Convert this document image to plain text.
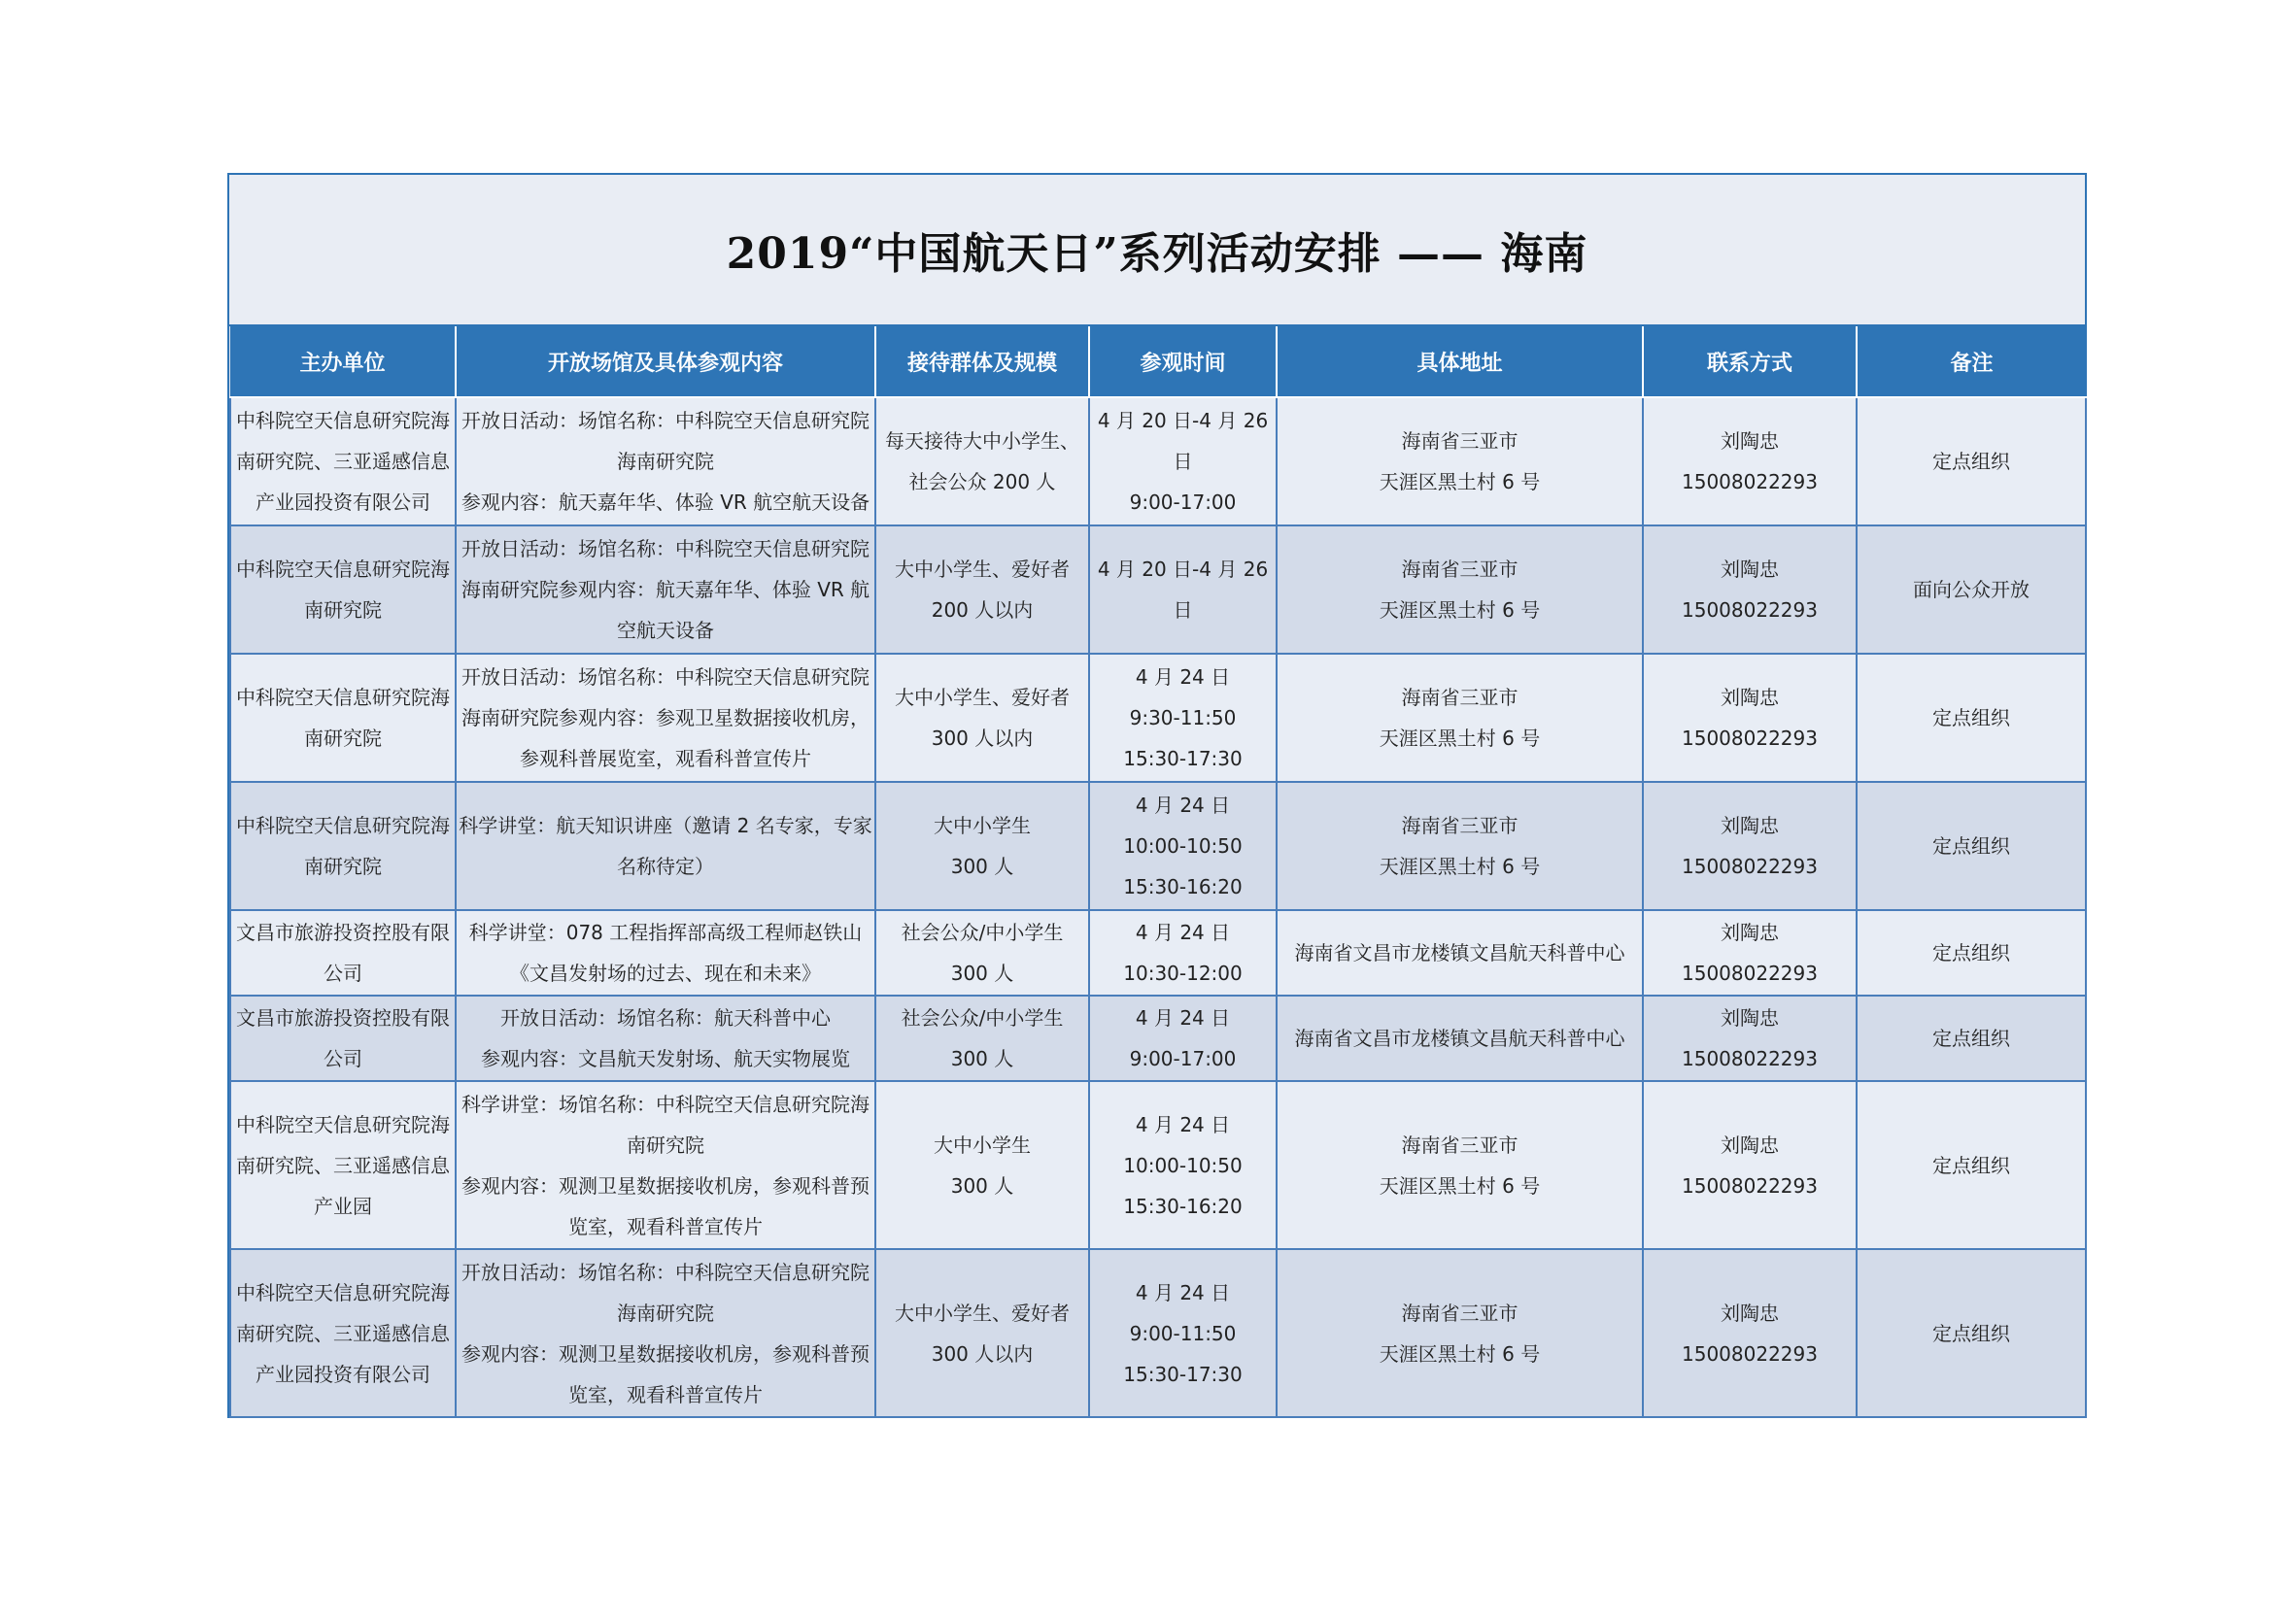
2019“中国航天日”系列活动安排 —— 海南
主办单位	开放场馆及具体参观内容	接待群体及规模	参观时间	具体地址	联系方式	备注

中科院空天信息研究院海南研究院、三亚遥感信息产业园投资有限公司	开放日活动：场馆名称：中科院空天信息研究院海南研究院
参观内容：航天嘉年华、体验 VR 航空航天设备	每天接待大中小学生、社会公众 200 人	4 月 20 日-4 月 26 日
9:00-17:00	海南省三亚市
天涯区黑土村 6 号	刘陶忠
15008022293	定点组织

中科院空天信息研究院海南研究院	开放日活动：场馆名称：中科院空天信息研究院海南研究院参观内容：航天嘉年华、体验 VR 航空航天设备	大中小学生、爱好者
200 人以内	4 月 20 日-4 月 26 日	海南省三亚市
天涯区黑土村 6 号	刘陶忠
15008022293	面向公众开放

中科院空天信息研究院海南研究院	开放日活动：场馆名称：中科院空天信息研究院海南研究院参观内容：参观卫星数据接收机房，参观科普展览室，观看科普宣传片	大中小学生、爱好者
300 人以内	4 月 24 日
9:30-11:50
15:30-17:30	海南省三亚市
天涯区黑土村 6 号	刘陶忠
15008022293	定点组织

中科院空天信息研究院海南研究院	科学讲堂：航天知识讲座（邀请 2 名专家，专家名称待定）	大中小学生
300 人	4 月 24 日
10:00-10:50
15:30-16:20	海南省三亚市
天涯区黑土村 6 号	刘陶忠
15008022293	定点组织

文昌市旅游投资控股有限公司	科学讲堂：078 工程指挥部高级工程师赵铁山《文昌发射场的过去、现在和未来》	社会公众/中小学生
300 人	4 月 24 日
10:30-12:00	海南省文昌市龙楼镇文昌航天科普中心	刘陶忠
15008022293	定点组织

文昌市旅游投资控股有限公司	开放日活动：场馆名称：航天科普中心
参观内容：文昌航天发射场、航天实物展览	社会公众/中小学生
300 人	4 月 24 日
9:00-17:00	海南省文昌市龙楼镇文昌航天科普中心	刘陶忠
15008022293	定点组织

中科院空天信息研究院海南研究院、三亚遥感信息产业园	科学讲堂：场馆名称：中科院空天信息研究院海南研究院
参观内容：观测卫星数据接收机房，参观科普预览室，观看科普宣传片	大中小学生
300 人	4 月 24 日
10:00-10:50
15:30-16:20	海南省三亚市
天涯区黑土村 6 号	刘陶忠
15008022293	定点组织

中科院空天信息研究院海南研究院、三亚遥感信息产业园投资有限公司	开放日活动：场馆名称：中科院空天信息研究院海南研究院
参观内容：观测卫星数据接收机房，参观科普预览室，观看科普宣传片	大中小学生、爱好者
300 人以内	4 月 24 日
9:00-11:50
15:30-17:30	海南省三亚市
天涯区黑土村 6 号	刘陶忠
15008022293	定点组织
